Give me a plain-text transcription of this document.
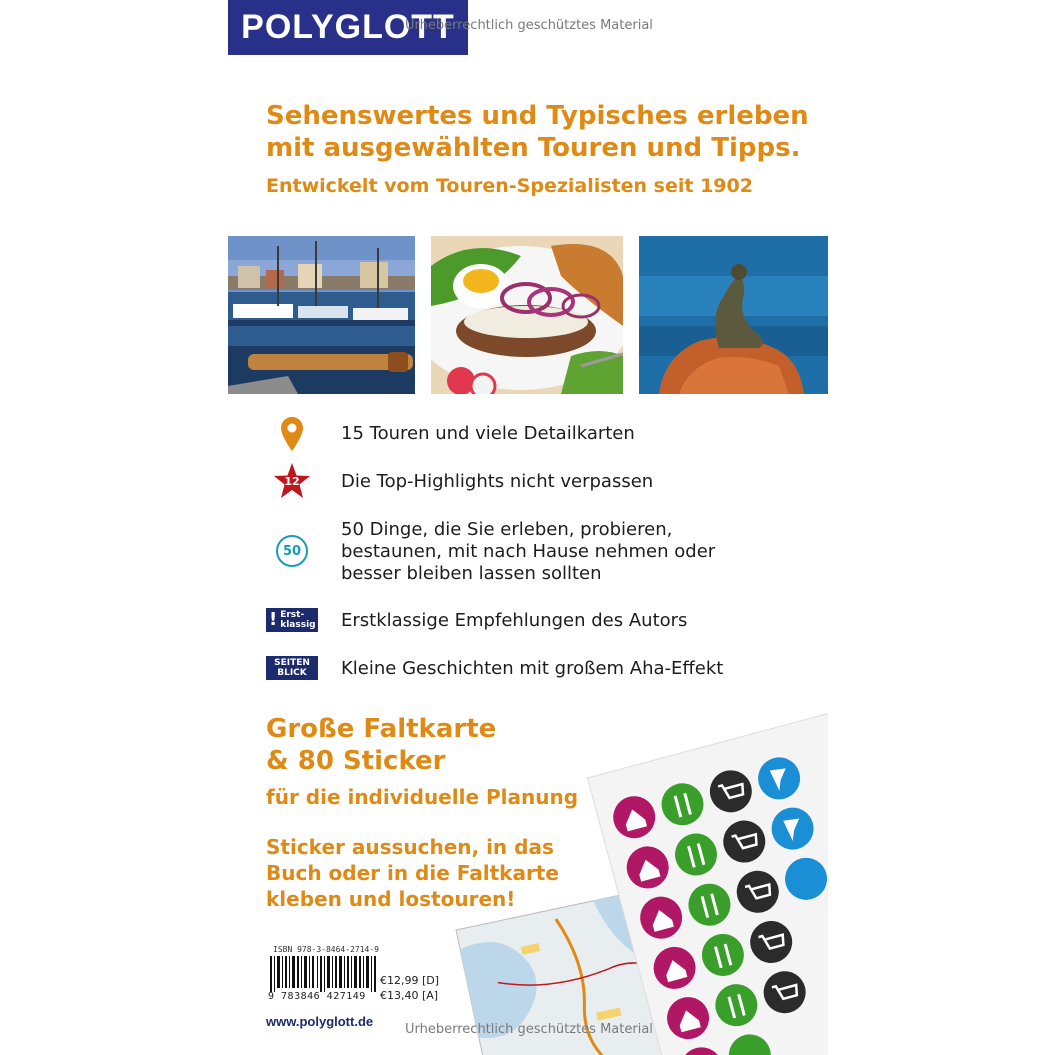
POLYGLOTT
Sehenswertes und Typisches erleben
mit ausgewählten Touren und Tipps.
Entwickelt vom Touren-Spezialisten seit 1902
15 Touren und viele Detailkarten
12	Die Top-Highlights nicht verpassen
50
50 Dinge, die Sie erleben, probieren, bestaunen, mit nach Hause nehmen oder besser bleiben lassen sollten
! Erst-
klassig Erstklassige Empfehlungen des Autors
SEITEN
BLICK Kleine Geschichten mit großem Aha-Effekt
Große Faltkarte
& 80 Sticker
für die individuelle Planung
Sticker aussuchen, in das
Buch oder in die Faltkarte
kleben und lostouren!
ISBN 978-3-8464-2714-9
9 783846 427149
€12,99 [D]
€13,40 [A]
www.polyglott.de
Urheberrechtlich geschütztes Material
Urheberrechtlich geschütztes Material
